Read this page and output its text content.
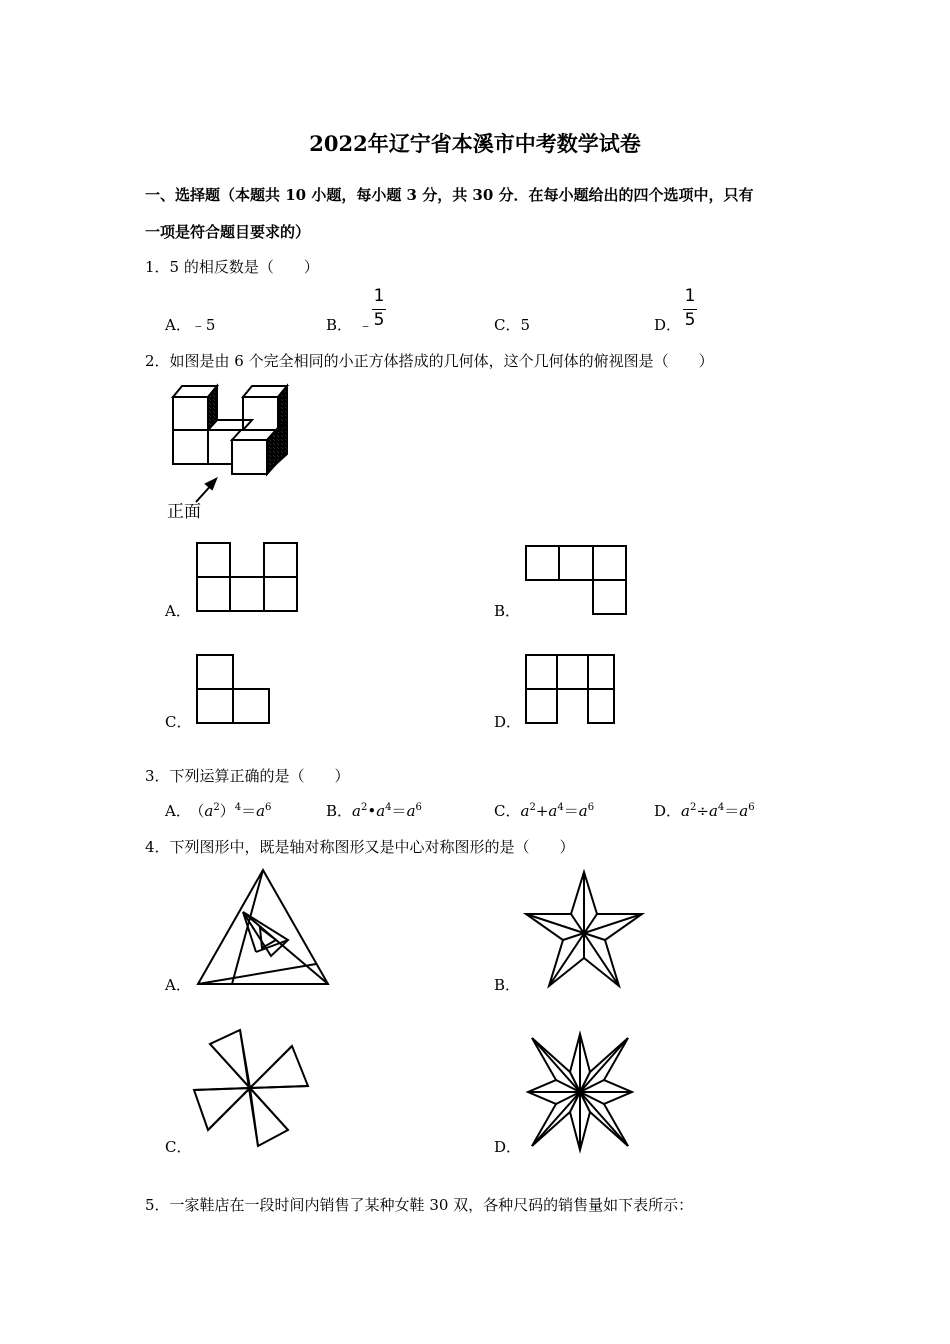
2022年辽宁省本溪市中考数学试卷
一、选择题（本题共 10 小题，每小题 3 分，共 30 分．在每小题给出的四个选项中，只有
一项是符合题目要求的）
1．5 的相反数是（　　）
A．﹣5	B． ﹣
1
5	C．5	D．
1
5
2．如图是由 6 个完全相同的小正方体搭成的几何体，这个几何体的俯视图是（　　）
正面
A．	B．
C．	D．
3．下列运算正确的是（　　）
A． $(a^2)^4=a^6$	B．$a^2•a^4=a^6$	C．$a^2+a^4=a^6$	D．$a^2\div a^4=a^6$
4．下列图形中，既是轴对称图形又是中心对称图形的是（　　）
A．	B．
C．	D．
5．一家鞋店在一段时间内销售了某种女鞋 30 双，各种尺码的销售量如下表所示：
